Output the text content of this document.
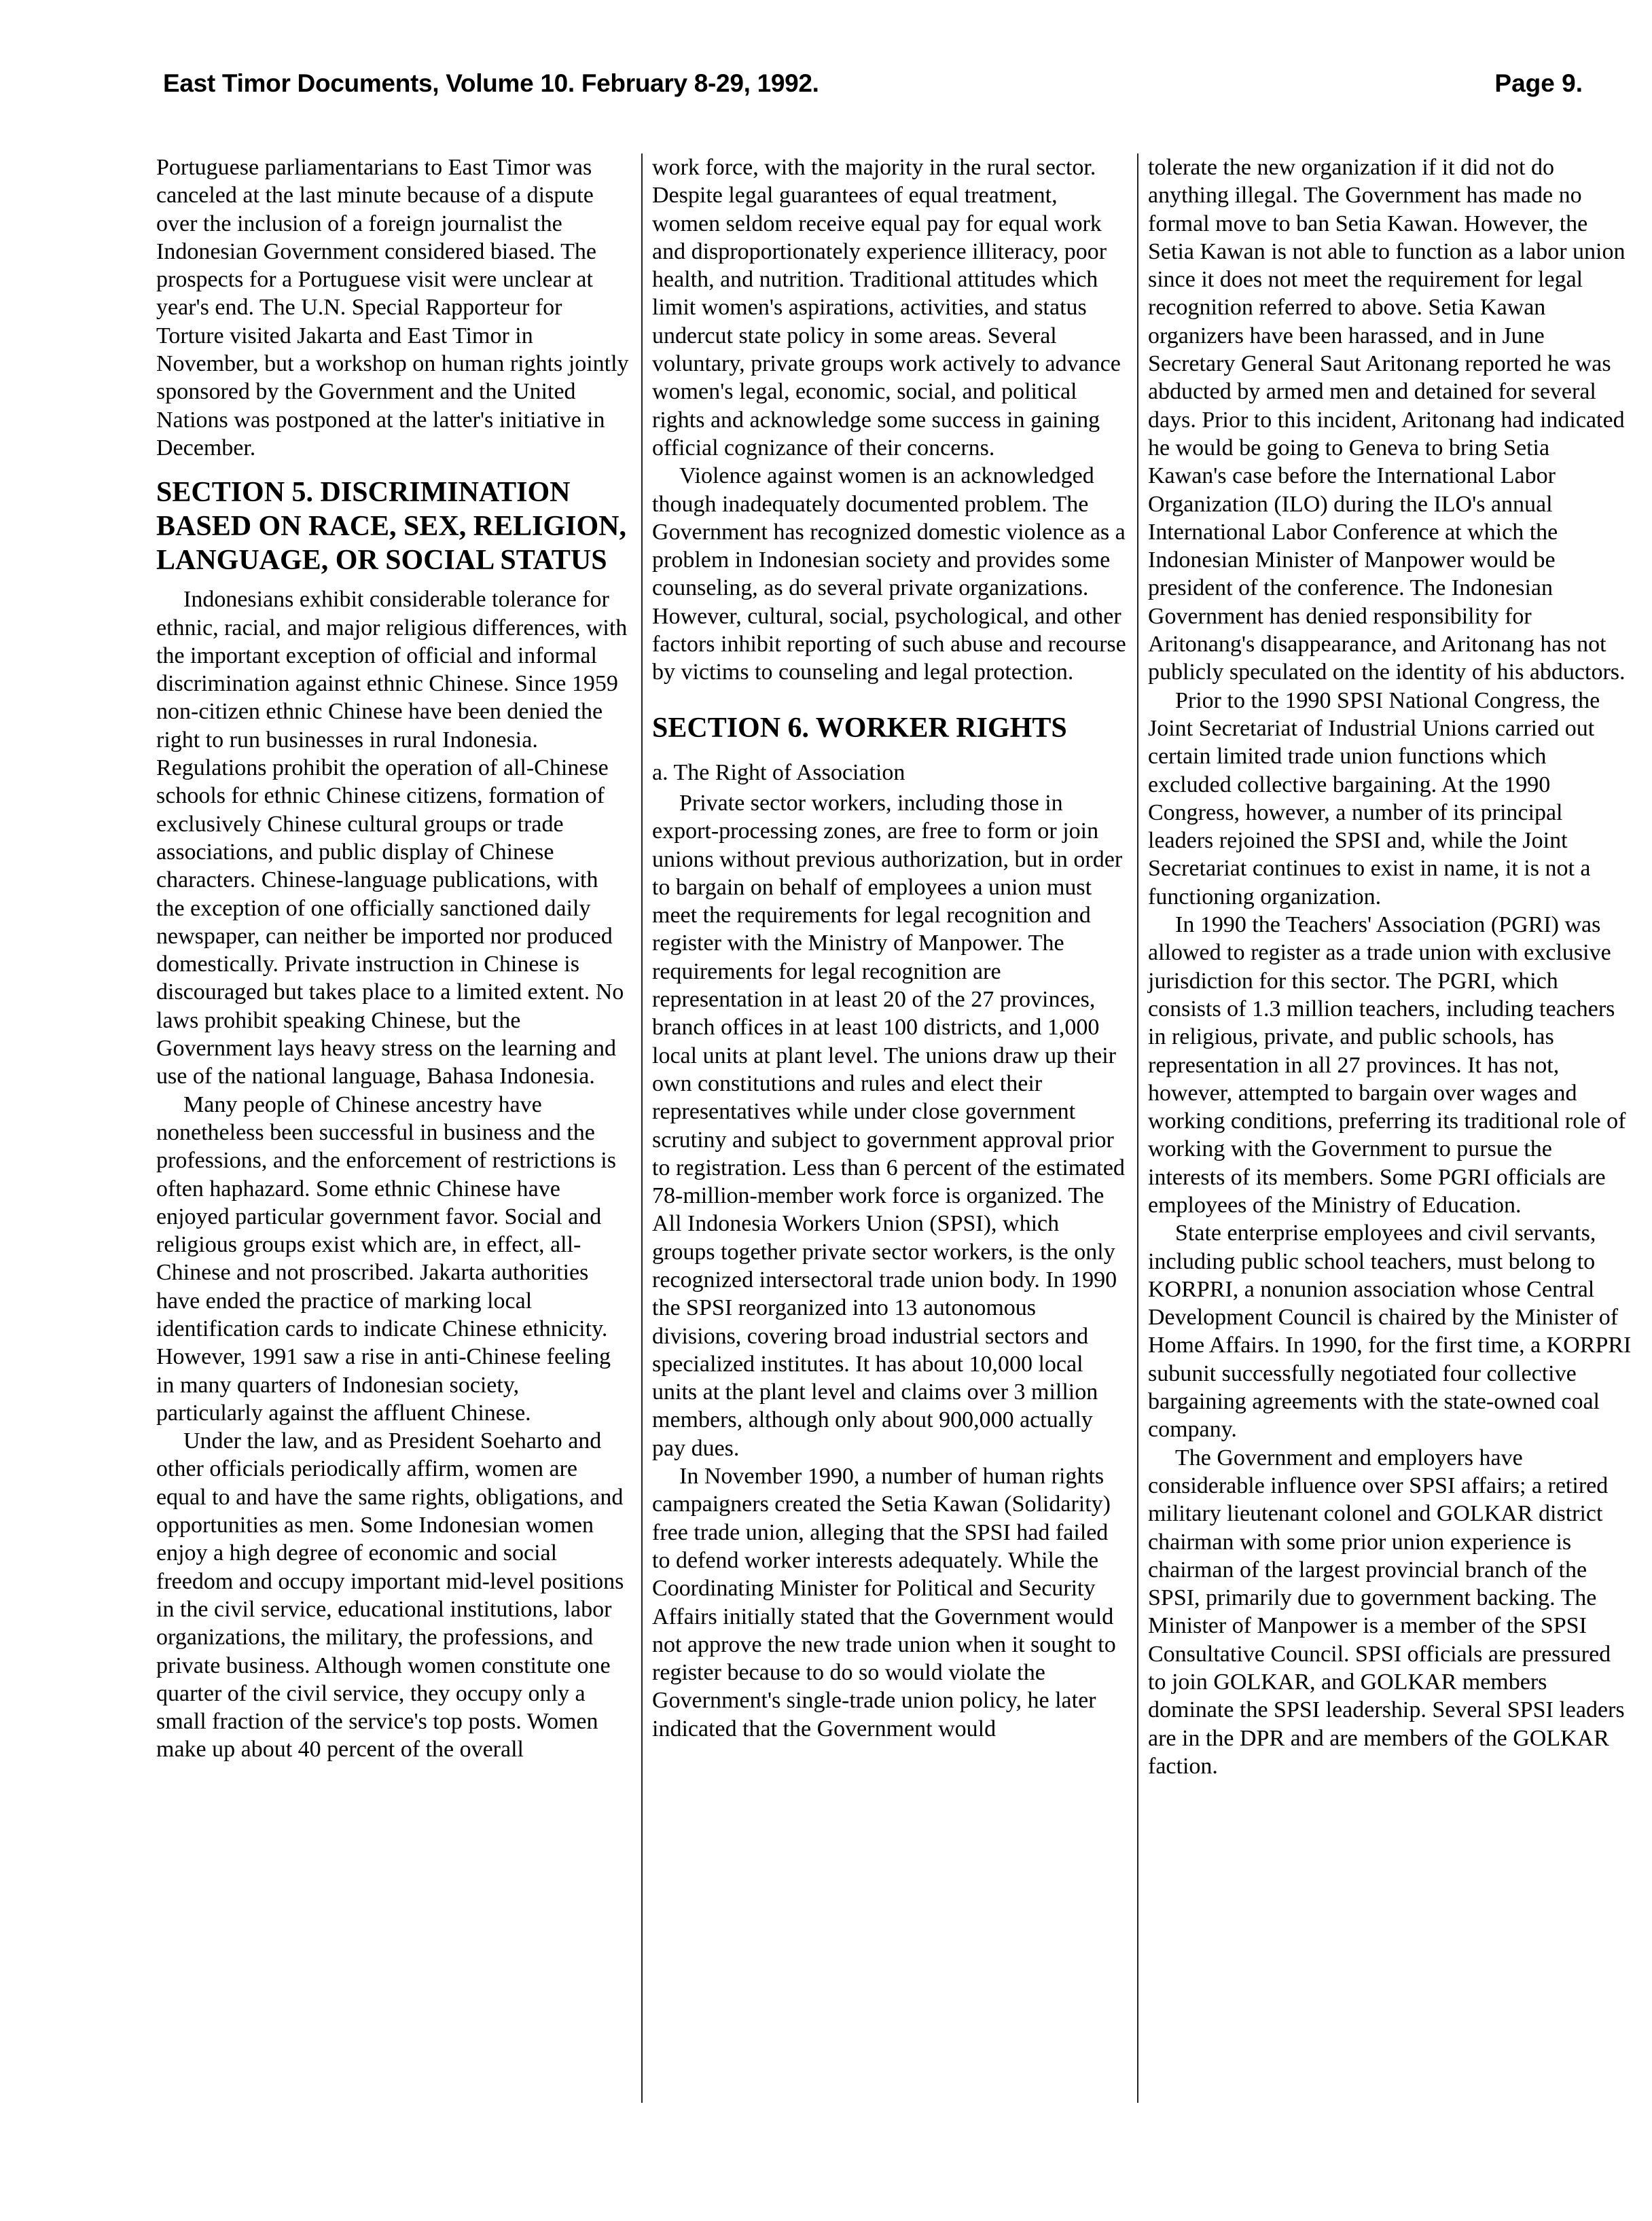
East Timor Documents, Volume 10. February 8-29, 1992.	Page 9.

Portuguese parliamentarians to East Timor was canceled at the last minute because of a dispute over the inclusion of a foreign journalist the Indonesian Government considered biased. The prospects for a Portuguese visit were unclear at year's end. The U.N. Special Rapporteur for Torture visited Jakarta and East Timor in November, but a workshop on human rights jointly sponsored by the Government and the United Nations was postponed at the latter's initiative in December.

SECTION 5. DISCRIMINATION BASED ON RACE, SEX, RELIGION, LANGUAGE, OR SOCIAL STATUS

Indonesians exhibit considerable tolerance for ethnic, racial, and major religious differences, with the important exception of official and informal discrimination against ethnic Chinese. Since 1959 non-citizen ethnic Chinese have been denied the right to run businesses in rural Indonesia. Regulations prohibit the operation of all-Chinese schools for ethnic Chinese citizens, formation of exclusively Chinese cultural groups or trade associations, and public display of Chinese characters. Chinese-language publications, with the exception of one officially sanctioned daily newspaper, can neither be imported nor produced domestically. Private instruction in Chinese is discouraged but takes place to a limited extent. No laws prohibit speaking Chinese, but the Government lays heavy stress on the learning and use of the national language, Bahasa Indonesia.

Many people of Chinese ancestry have nonetheless been successful in business and the professions, and the enforcement of restrictions is often haphazard. Some ethnic Chinese have enjoyed particular government favor. Social and religious groups exist which are, in effect, all-Chinese and not proscribed. Jakarta authorities have ended the practice of marking local identification cards to indicate Chinese ethnicity. However, 1991 saw a rise in anti-Chinese feeling in many quarters of Indonesian society, particularly against the affluent Chinese.

Under the law, and as President Soeharto and other officials periodically affirm, women are equal to and have the same rights, obligations, and opportunities as men. Some Indonesian women enjoy a high degree of economic and social freedom and occupy important mid-level positions in the civil service, educational institutions, labor organizations, the military, the professions, and private business. Although women constitute one quarter of the civil service, they occupy only a small fraction of the service's top posts. Women make up about 40 percent of the overall

work force, with the majority in the rural sector. Despite legal guarantees of equal treatment, women seldom receive equal pay for equal work and disproportionately experience illiteracy, poor health, and nutrition. Traditional attitudes which limit women's aspirations, activities, and status undercut state policy in some areas. Several voluntary, private groups work actively to advance women's legal, economic, social, and political rights and acknowledge some success in gaining official cognizance of their concerns.

Violence against women is an acknowledged though inadequately documented problem. The Government has recognized domestic violence as a problem in Indonesian society and provides some counseling, as do several private organizations. However, cultural, social, psychological, and other factors inhibit reporting of such abuse and recourse by victims to counseling and legal protection.

SECTION 6. WORKER RIGHTS
a. The Right of Association

Private sector workers, including those in export-processing zones, are free to form or join unions without previous authorization, but in order to bargain on behalf of employees a union must meet the requirements for legal recognition and register with the Ministry of Manpower. The requirements for legal recognition are representation in at least 20 of the 27 provinces, branch offices in at least 100 districts, and 1,000 local units at plant level. The unions draw up their own constitutions and rules and elect their representatives while under close government scrutiny and subject to government approval prior to registration. Less than 6 percent of the estimated 78-million-member work force is organized. The All Indonesia Workers Union (SPSI), which groups together private sector workers, is the only recognized intersectoral trade union body. In 1990 the SPSI reorganized into 13 autonomous divisions, covering broad industrial sectors and specialized institutes. It has about 10,000 local units at the plant level and claims over 3 million members, although only about 900,000 actually pay dues.

In November 1990, a number of human rights campaigners created the Setia Kawan (Solidarity) free trade union, alleging that the SPSI had failed to defend worker interests adequately. While the Coordinating Minister for Political and Security Affairs initially stated that the Government would not approve the new trade union when it sought to register because to do so would violate the Government's single-trade union policy, he later indicated that the Government would

tolerate the new organization if it did not do anything illegal. The Government has made no formal move to ban Setia Kawan. However, the Setia Kawan is not able to function as a labor union since it does not meet the requirement for legal recognition referred to above. Setia Kawan organizers have been harassed, and in June Secretary General Saut Aritonang reported he was abducted by armed men and detained for several days. Prior to this incident, Aritonang had indicated he would be going to Geneva to bring Setia Kawan's case before the International Labor Organization (ILO) during the ILO's annual International Labor Conference at which the Indonesian Minister of Manpower would be president of the conference. The Indonesian Government has denied responsibility for Aritonang's disappearance, and Aritonang has not publicly speculated on the identity of his abductors.

Prior to the 1990 SPSI National Congress, the Joint Secretariat of Industrial Unions carried out certain limited trade union functions which excluded collective bargaining. At the 1990 Congress, however, a number of its principal leaders rejoined the SPSI and, while the Joint Secretariat continues to exist in name, it is not a functioning organization.

In 1990 the Teachers' Association (PGRI) was allowed to register as a trade union with exclusive jurisdiction for this sector. The PGRI, which consists of 1.3 million teachers, including teachers in religious, private, and public schools, has representation in all 27 provinces. It has not, however, attempted to bargain over wages and working conditions, preferring its traditional role of working with the Government to pursue the interests of its members. Some PGRI officials are employees of the Ministry of Education.

State enterprise employees and civil servants, including public school teachers, must belong to KORPRI, a nonunion association whose Central Development Council is chaired by the Minister of Home Affairs. In 1990, for the first time, a KORPRI subunit successfully negotiated four collective bargaining agreements with the state-owned coal company.

The Government and employers have considerable influence over SPSI affairs; a retired military lieutenant colonel and GOLKAR district chairman with some prior union experience is chairman of the largest provincial branch of the SPSI, primarily due to government backing. The Minister of Manpower is a member of the SPSI Consultative Council. SPSI officials are pressured to join GOLKAR, and GOLKAR members dominate the SPSI leadership. Several SPSI leaders are in the DPR and are members of the GOLKAR faction.
